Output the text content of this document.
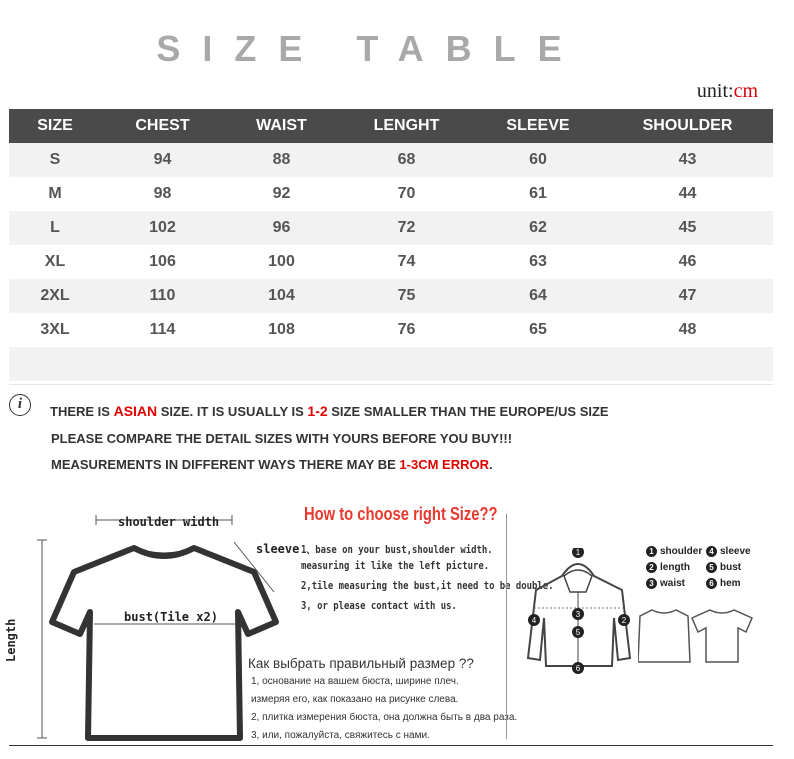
SIZE TABLE
unit:cm
SIZE	CHEST	WAIST	LENGHT	SLEEVE	SHOULDER
S	94	88	68	60	43
M	98	92	70	61	44
L	102	96	72	62	45
XL	106	100	74	63	46
2XL	110	104	75	64	47
3XL	114	108	76	65	48

i	THERE IS ASIAN SIZE. IT IS USUALLY IS 1-2 SIZE SMALLER THAN THE EUROPE/US SIZE
PLEASE COMPARE THE DETAIL SIZES WITH YOURS BEFORE YOU BUY!!!
MEASUREMENTS IN DIFFERENT WAYS THERE MAY BE 1-3CM ERROR.
shoulder width
sleeve
bust(Tile x2)
Length
How to choose right Size??
1、base on your bust,shoulder width.
measuring it like the left picture.
2,tile measuring the bust,it need to be double.
3, or please contact with us.
Как выбрать правильный размер ??
1, основание на вашем бюста, ширине плеч.
измеряя его, как показано на рисунке слева.
2, плитка измерения бюста, она должна быть в два раза.
3, или, пожалуйста, свяжитесь с нами.
1
2
3
4
5
6
1 shoulder 4 sleeve
2 length	5 bust
3 waist	6 hem
